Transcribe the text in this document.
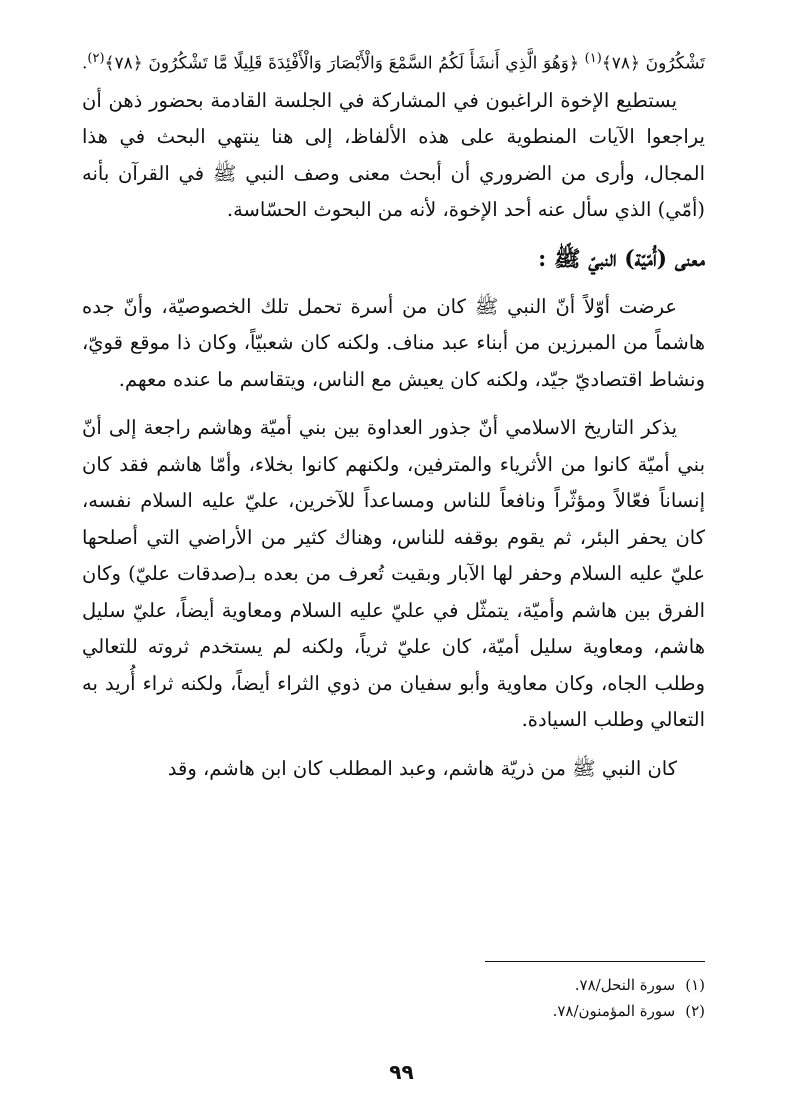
تَشْكُرُونَ ﴿٧٨﴾$^{(١)}$ ﴿وَهُوَ الَّذِي أَنشَأَ لَكُمُ السَّمْعَ وَالْأَبْصَارَ وَالْأَفْئِدَةَ قَلِيلًا مَّا تَشْكُرُونَ ﴿٧٨﴾$^{(٢)}$.

يستطيع الإخوة الراغبون في المشاركة في الجلسة القادمة بحضور ذهن أن يراجعوا الآيات المنطوية على هذه الألفاظ، إلى هنا ينتهي البحث في هذا المجال، وأرى من الضروري أن أبحث معنى وصف النبي ﷺ في القرآن بأنه (أمّي) الذي سأل عنه أحد الإخوة، لأنه من البحوث الحسّاسة.

معنى (أُمّيّة) النبيّ ﷺ :

عرضت أوّلاً أنّ النبي ﷺ كان من أسرة تحمل تلك الخصوصيّة، وأنّ جده هاشماً من المبرزين من أبناء عبد مناف. ولكنه كان شعبيّاً، وكان ذا موقع قويّ، ونشاط اقتصاديّ جيّد، ولكنه كان يعيش مع الناس، ويتقاسم ما عنده معهم.

يذكر التاريخ الاسلامي أنّ جذور العداوة بين بني أميّة وهاشم راجعة إلى أنّ بني أميّة كانوا من الأثرياء والمترفين، ولكنهم كانوا بخلاء، وأمّا هاشم فقد كان إنساناً فعّالاً ومؤثّراً ونافعاً للناس ومساعداً للآخرين، عليّ عليه السلام نفسه، كان يحفر البئر، ثم يقوم بوقفه للناس، وهناك كثير من الأراضي التي أصلحها عليّ عليه السلام وحفر لها الآبار وبقيت تُعرف من بعده بـ(صدقات عليّ) وكان الفرق بين هاشم وأميّة، يتمثّل في عليّ عليه السلام ومعاوية أيضاً، عليّ سليل هاشم، ومعاوية سليل أميّة، كان عليّ ثرياً، ولكنه لم يستخدم ثروته للتعالي وطلب الجاه، وكان معاوية وأبو سفيان من ذوي الثراء أيضاً، ولكنه ثراء أُريد به التعالي وطلب السيادة.

كان النبي ﷺ من ذريّة هاشم، وعبد المطلب كان ابن هاشم، وقد

(١)سورة النحل/٧٨.
(٢)سورة المؤمنون/٧٨.
٩٩
